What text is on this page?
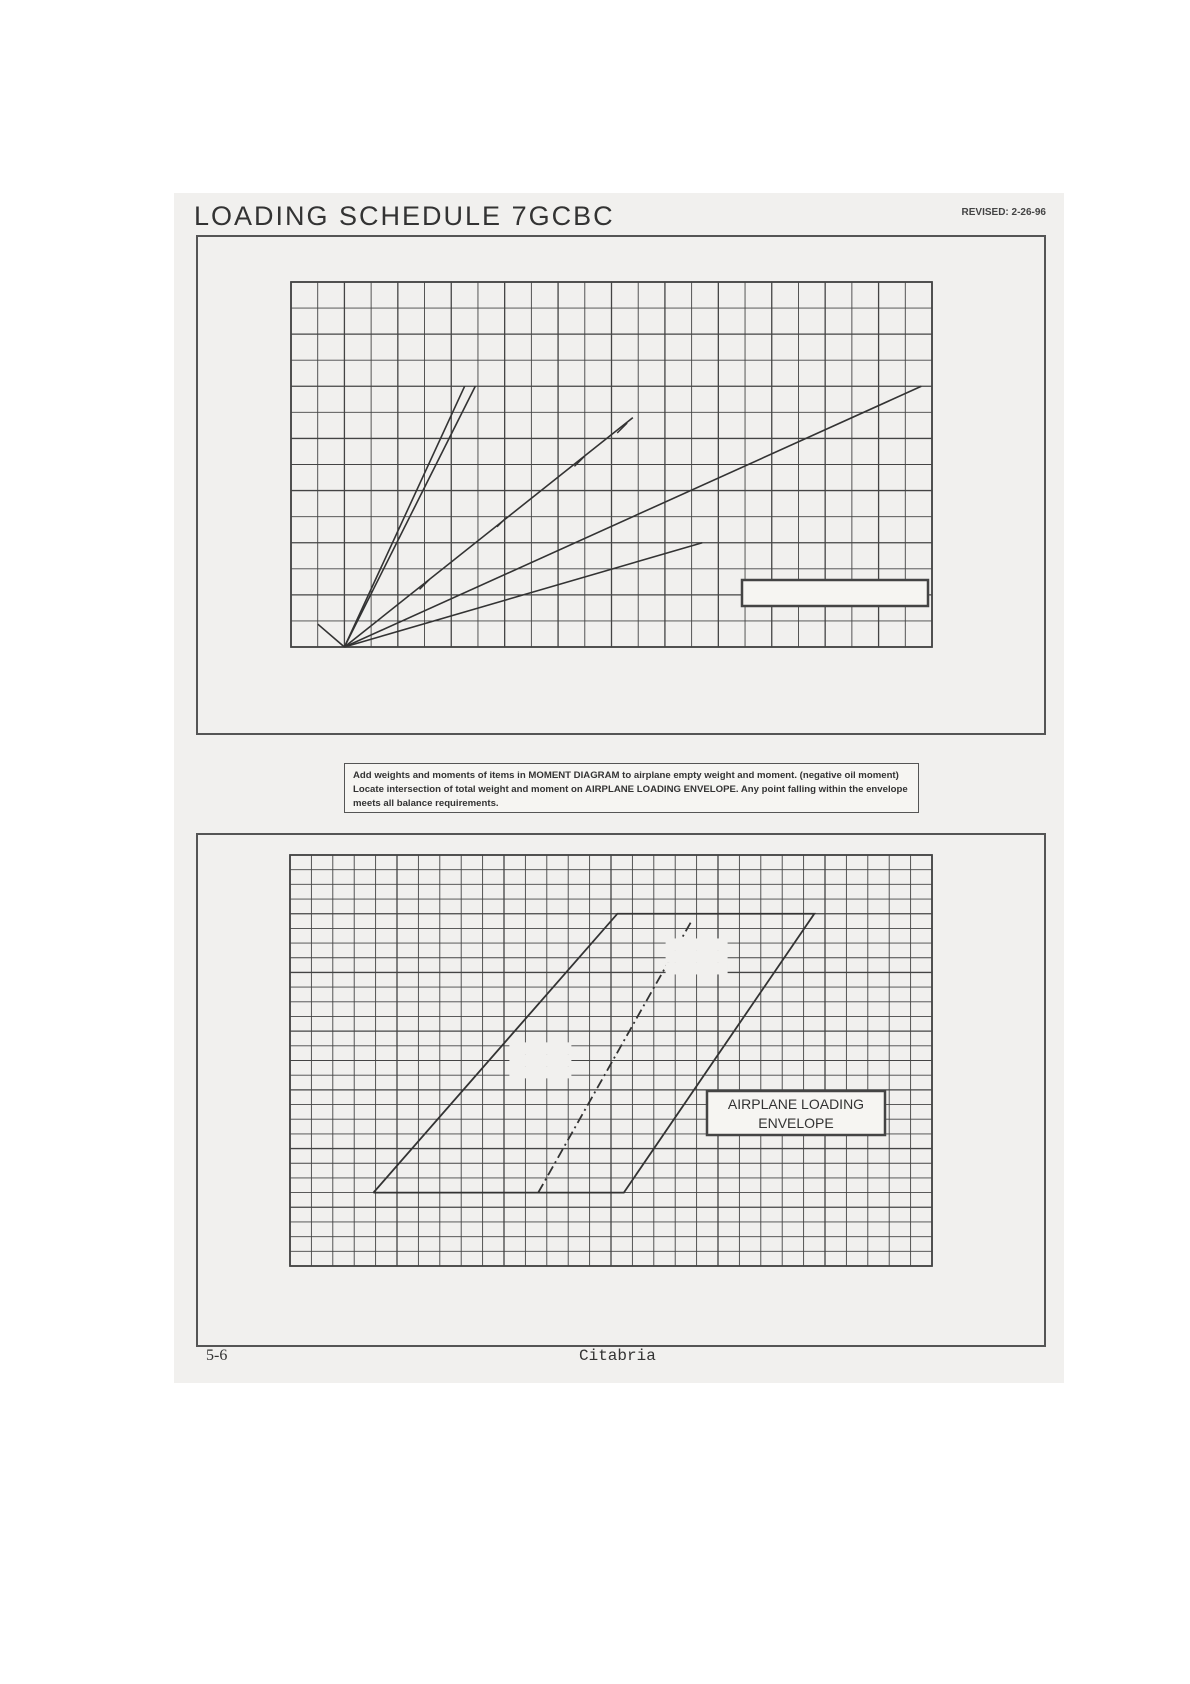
LOADING SCHEDULE 7GCBC	REVISED: 2-26-96
Add weights and moments of items in MOMENT DIAGRAM to airplane empty weight and moment. (negative oil moment) Locate intersection of total weight and moment on AIRPLANE LOADING ENVELOPE. Any point falling within the envelope meets all balance requirements.
5-6	Citabria
AIRPLANE LOADING
ENVELOPE
